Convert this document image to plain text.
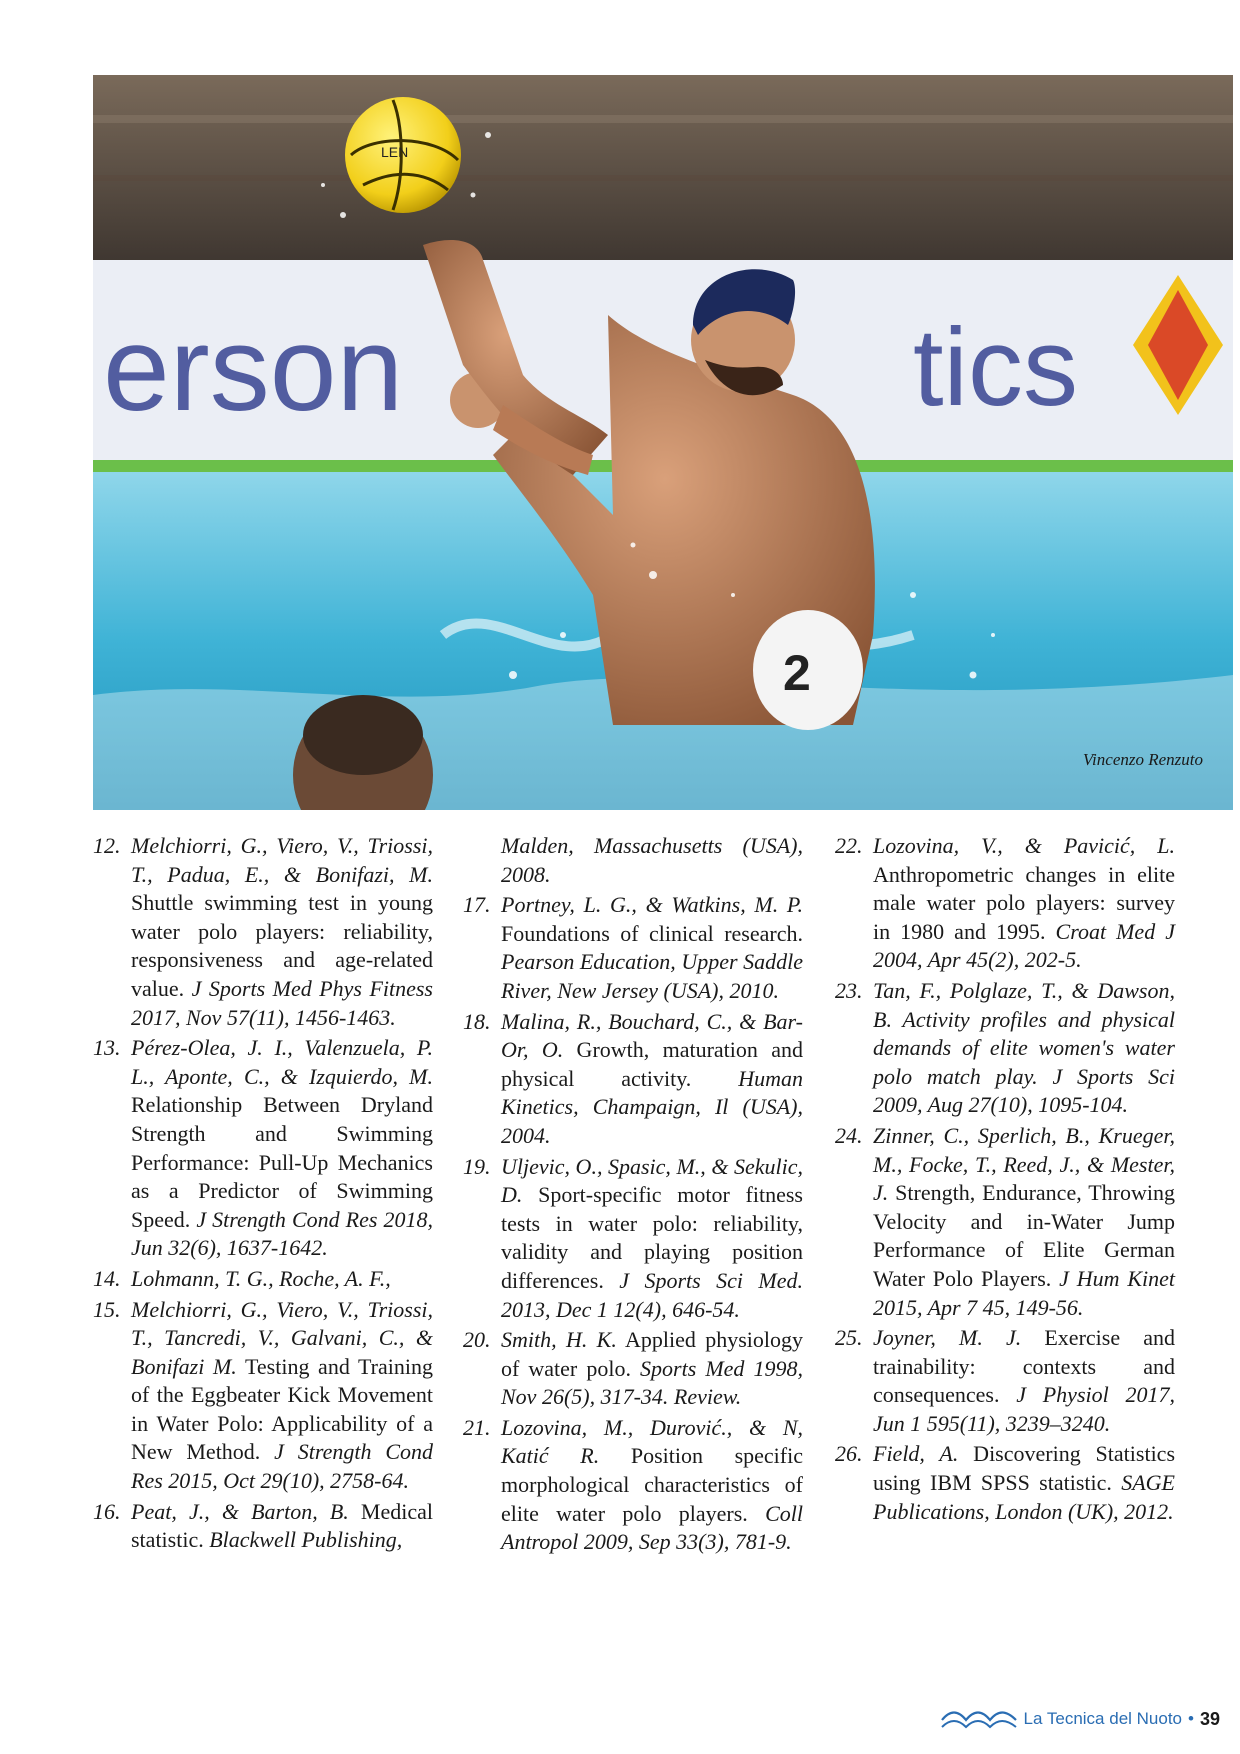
erson	tics
2
LEN
Vincenzo Renzuto
12. Melchiorri, G., Viero, V., Triossi, T., Padua, E., & Bonifazi, M. Shuttle swimming test in young water polo players: reliability, responsiveness and age-related value. J Sports Med Phys Fitness 2017, Nov 57(11), 1456-1463.
13. Pérez-Olea, J. I., Valenzuela, P. L., Aponte, C., & Izquierdo, M. Relationship Between Dryland Strength and Swimming Performance: Pull-Up Mechanics as a Predictor of Swimming Speed. J Strength Cond Res 2018, Jun 32(6), 1637-1642.
14. Lohmann, T. G., Roche, A. F.,
15. Melchiorri, G., Viero, V., Triossi, T., Tancredi, V., Galvani, C., & Bonifazi M. Testing and Training of the Eggbeater Kick Movement in Water Polo: Applicability of a New Method. J Strength Cond Res 2015, Oct 29(10), 2758-64.
16. Peat, J., & Barton, B. Medical statistic. Blackwell Publishing,
Malden, Massachusetts (USA), 2008.
17. Portney, L. G., & Watkins, M. P. Foundations of clinical research. Pearson Education, Upper Saddle River, New Jersey (USA), 2010.
18. Malina, R., Bouchard, C., & Bar-Or, O. Growth, maturation and physical activity. Human Kinetics, Champaign, Il (USA), 2004.
19. Uljevic, O., Spasic, M., & Sekulic, D. Sport-specific motor fitness tests in water polo: reliability, validity and playing position differences. J Sports Sci Med. 2013, Dec 1 12(4), 646-54.
20. Smith, H. K. Applied physiology of water polo. Sports Med 1998, Nov 26(5), 317-34. Review.
21. Lozovina, M., Durović., & N, Katić R. Position specific morphological characteristics of elite water polo players. Coll Antropol 2009, Sep 33(3), 781-9.
22. Lozovina, V., & Pavicić, L. Anthropometric changes in elite male water polo players: survey in 1980 and 1995. Croat Med J 2004, Apr 45(2), 202-5.
23. Tan, F., Polglaze, T., & Dawson, B. Activity profiles and physical demands of elite women's water polo match play. J Sports Sci 2009, Aug 27(10), 1095-104.
24. Zinner, C., Sperlich, B., Krueger, M., Focke, T., Reed, J., & Mester, J. Strength, Endurance, Throwing Velocity and in-Water Jump Performance of Elite German Water Polo Players. J Hum Kinet 2015, Apr 7 45, 149-56.
25. Joyner, M. J. Exercise and trainability: contexts and consequences. J Physiol 2017, Jun 1 595(11), 3239–3240.
26. Field, A. Discovering Statistics using IBM SPSS statistic. SAGE Publications, London (UK), 2012.
La Tecnica del Nuoto • 39
